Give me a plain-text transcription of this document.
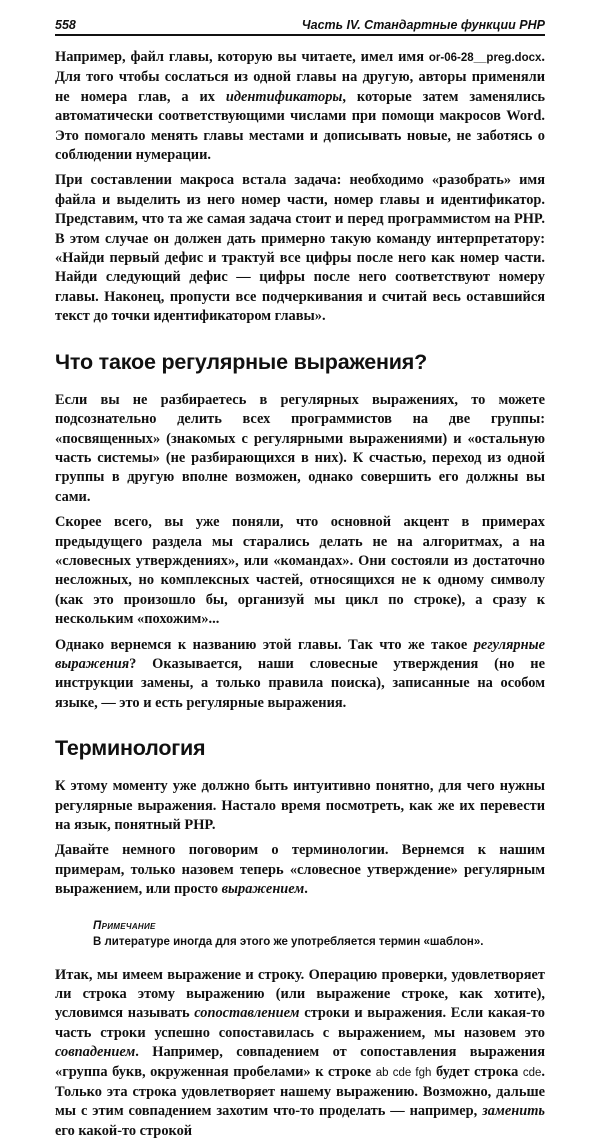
558	Часть IV. Стандартные функции PHP

Например, файл главы, которую вы читаете, имел имя or-06-28__preg.docx. Для того чтобы сослаться из одной главы на другую, авторы применяли не номера глав, а их идентификаторы, которые затем заменялись автоматически соответствующими числами при помощи макросов Word. Это помогало менять главы местами и дописывать новые, не заботясь о соблюдении нумерации.

При составлении макроса встала задача: необходимо «разобрать» имя файла и выделить из него номер части, номер главы и идентификатор. Представим, что та же самая задача стоит и перед программистом на PHP. В этом случае он должен дать примерно такую команду интерпретатору: «Найди первый дефис и трактуй все цифры после него как номер части. Найди следующий дефис — цифры после него соответствуют номеру главы. Наконец, пропусти все подчеркивания и считай весь оставшийся текст до точки идентификатором главы».

Что такое регулярные выражения?

Если вы не разбираетесь в регулярных выражениях, то можете подсознательно делить всех программистов на две группы: «посвященных» (знакомых с регулярными выражениями) и «остальную часть системы» (не разбирающихся в них). К счастью, переход из одной группы в другую вполне возможен, однако совершить его должны вы сами.

Скорее всего, вы уже поняли, что основной акцент в примерах предыдущего раздела мы старались делать не на алгоритмах, а на «словесных утверждениях», или «командах». Они состояли из достаточно несложных, но комплексных частей, относящихся не к одному символу (как это произошло бы, организуй мы цикл по строке), а сразу к нескольким «похожим»...

Однако вернемся к названию этой главы. Так что же такое регулярные выражения? Оказывается, наши словесные утверждения (но не инструкции замены, а только правила поиска), записанные на особом языке, — это и есть регулярные выражения.

Терминология

К этому моменту уже должно быть интуитивно понятно, для чего нужны регулярные выражения. Настало время посмотреть, как же их перевести на язык, понятный PHP.

Давайте немного поговорим о терминологии. Вернемся к нашим примерам, только назовем теперь «словесное утверждение» регулярным выражением, или просто выражением.

Примечание
В литературе иногда для этого же употребляется термин «шаблон».

Итак, мы имеем выражение и строку. Операцию проверки, удовлетворяет ли строка этому выражению (или выражение строке, как хотите), условимся называть сопоставлением строки и выражения. Если какая-то часть строки успешно сопоставилась с выражением, мы назовем это совпадением. Например, совпадением от сопоставления выражения «группа букв, окруженная пробелами» к строке ab cde fgh будет строка cde. Только эта строка удовлетворяет нашему выражению. Возможно, дальше мы с этим совпадением захотим что-то проделать — например, заменить его какой-то строкой
